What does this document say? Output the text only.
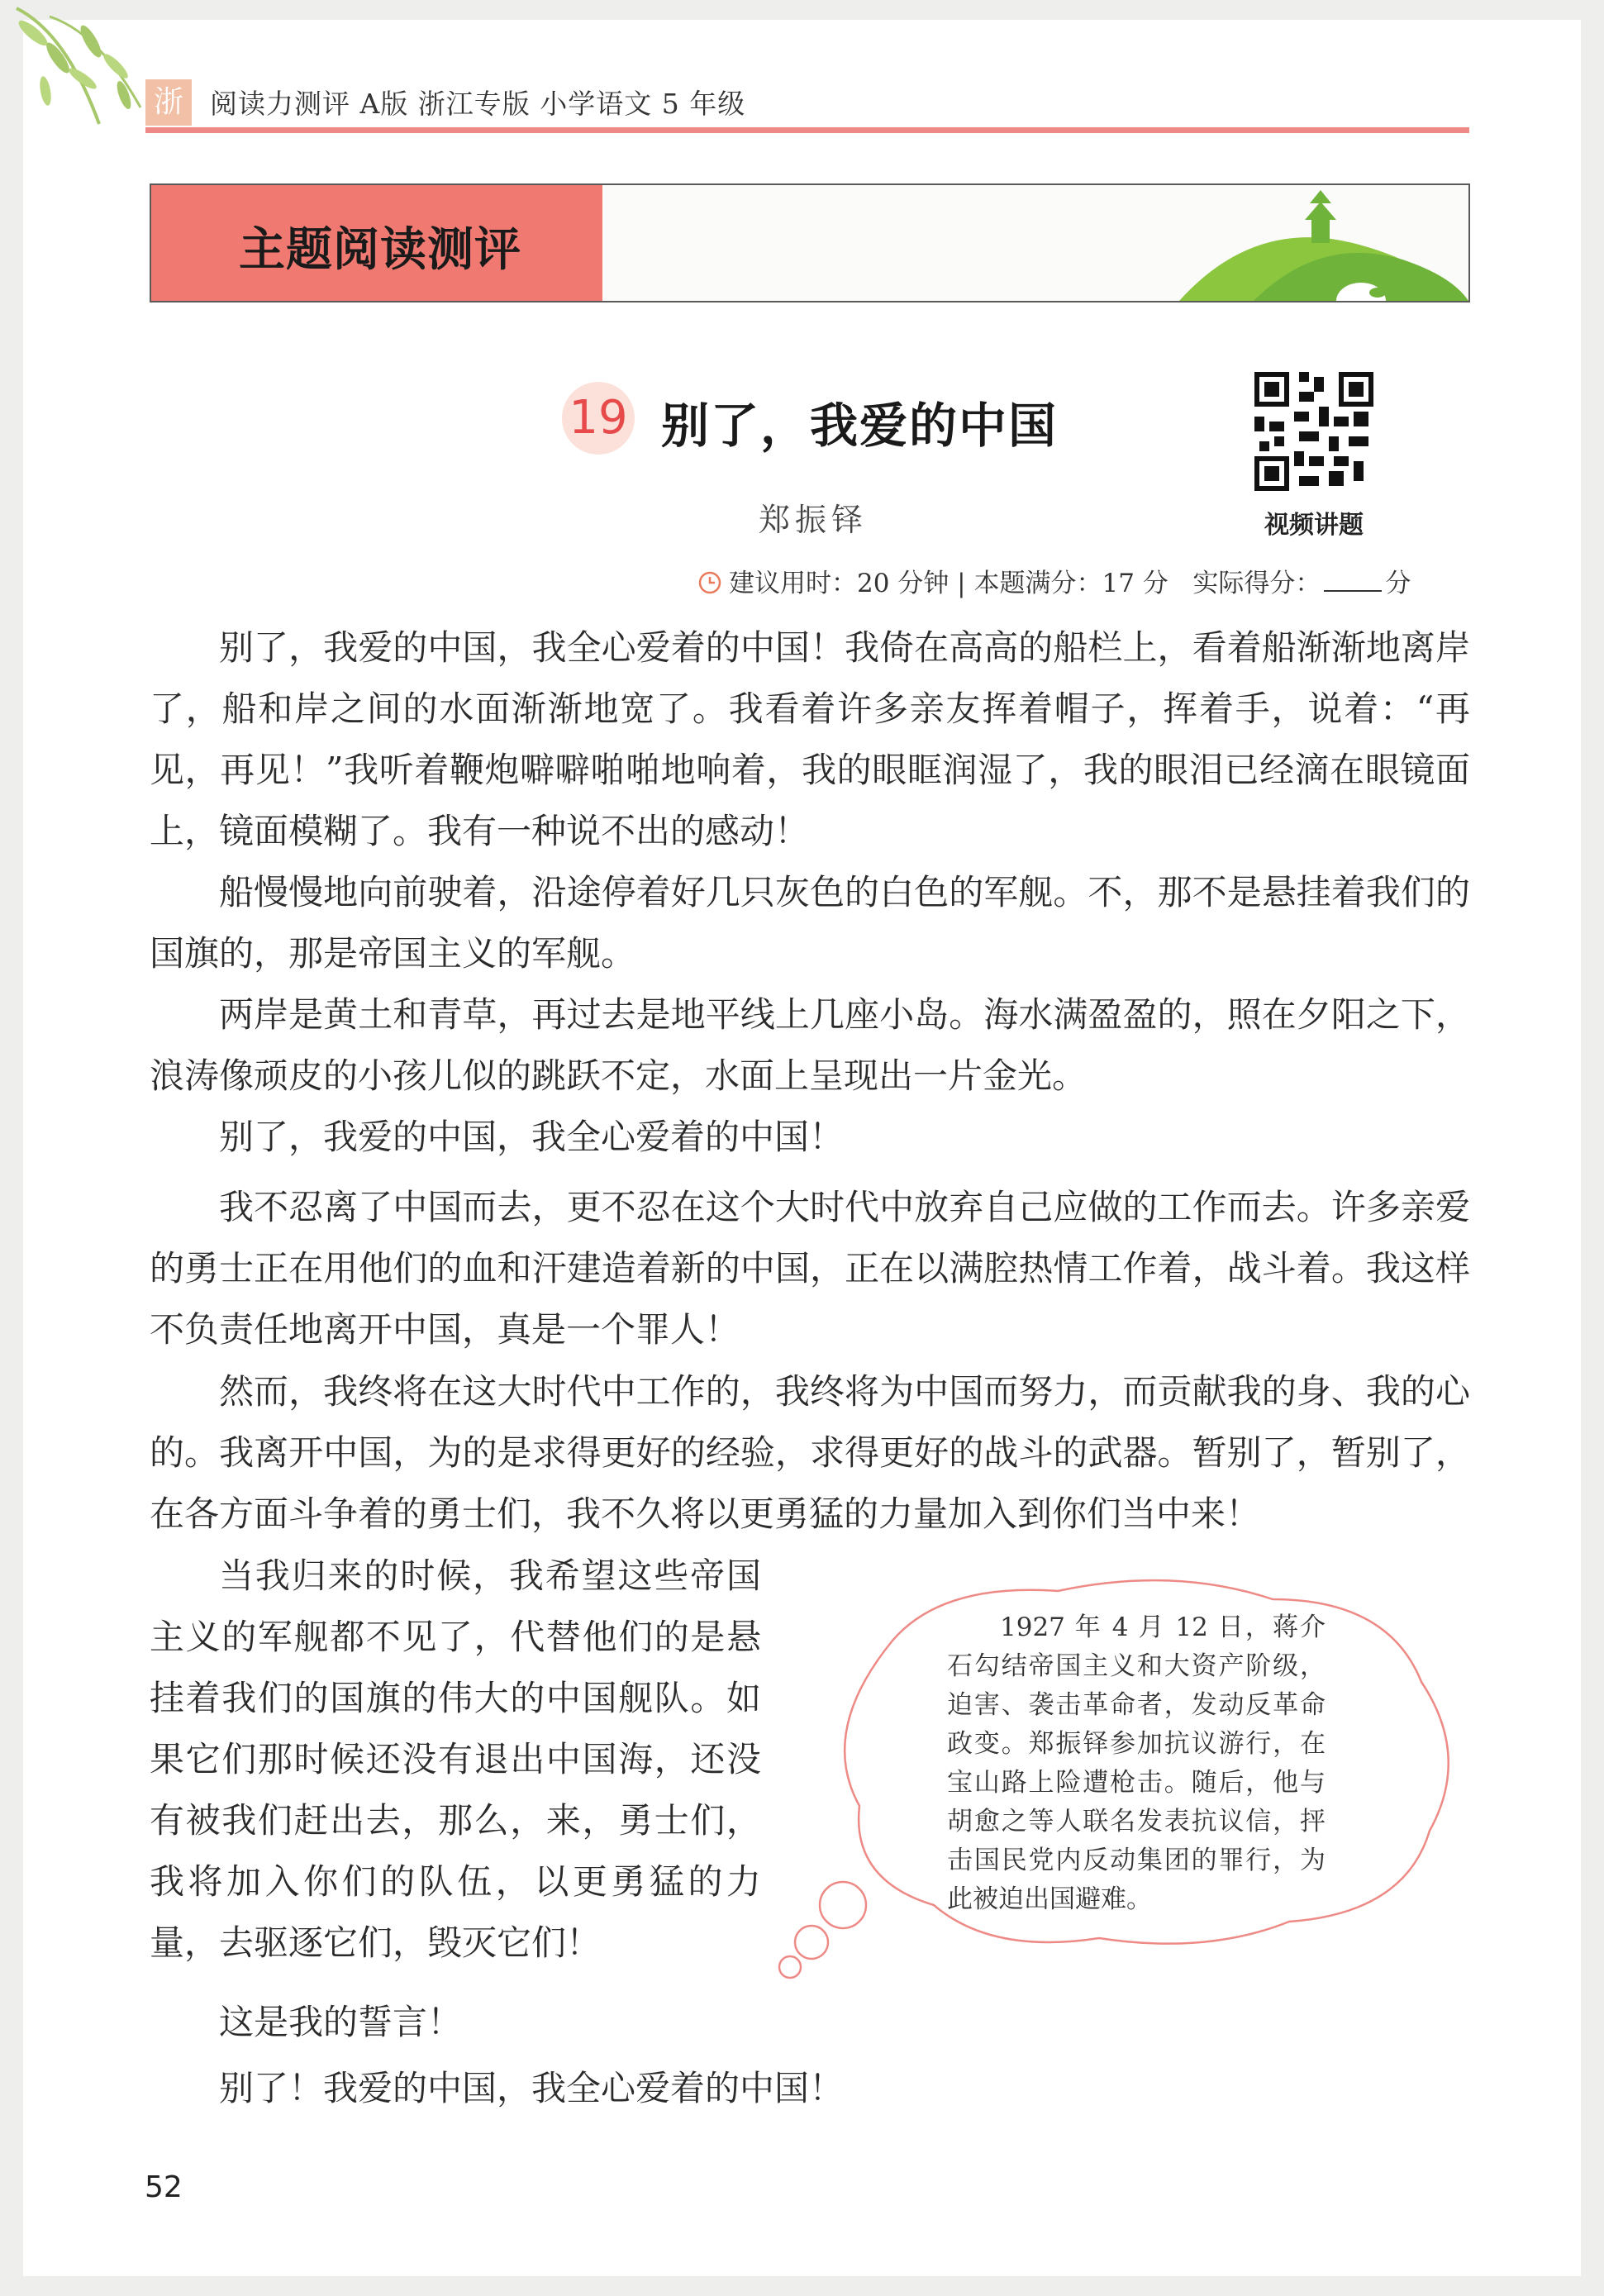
浙 阅读力测评 A版 浙江专版 小学语文 5 年级
主题阅读测评
19 别了，我爱的中国
郑振铎	视频讲题
建议用时：20 分钟 | 本题满分：17 分 实际得分：	分

别了，我爱的中国，我全心爱着的中国！我倚在高高的船栏上，看着船渐渐地离岸了，船和岸之间的水面渐渐地宽了。我看着许多亲友挥着帽子，挥着手，说着：“再见，再见！”我听着鞭炮噼噼啪啪地响着，我的眼眶润湿了，我的眼泪已经滴在眼镜面上，镜面模糊了。我有一种说不出的感动！

船慢慢地向前驶着，沿途停着好几只灰色的白色的军舰。不，那不是悬挂着我们的国旗的，那是帝国主义的军舰。

两岸是黄土和青草，再过去是地平线上几座小岛。海水满盈盈的，照在夕阳之下，浪涛像顽皮的小孩儿似的跳跃不定，水面上呈现出一片金光。

别了，我爱的中国，我全心爱着的中国！

我不忍离了中国而去，更不忍在这个大时代中放弃自己应做的工作而去。许多亲爱的勇士正在用他们的血和汗建造着新的中国，正在以满腔热情工作着，战斗着。我这样不负责任地离开中国，真是一个罪人！

然而，我终将在这大时代中工作的，我终将为中国而努力，而贡献我的身、我的心的。我离开中国，为的是求得更好的经验，求得更好的战斗的武器。暂别了，暂别了，在各方面斗争着的勇士们，我不久将以更勇猛的力量加入到你们当中来！

当我归来的时候，我希望这些帝国主义的军舰都不见了，代替他们的是悬挂着我们的国旗的伟大的中国舰队。如果它们那时候还没有退出中国海，还没有被我们赶出去，那么，来，勇士们，我将加入你们的队伍，以更勇猛的力量，去驱逐它们，毁灭它们！

这是我的誓言！

别了！我爱的中国，我全心爱着的中国！

1927 年 4 月 12 日，蒋介石勾结帝国主义和大资产阶级，迫害、袭击革命者，发动反革命政变。郑振铎参加抗议游行，在宝山路上险遭枪击。随后，他与胡愈之等人联名发表抗议信，抨击国民党内反动集团的罪行，为此被迫出国避难。

52
